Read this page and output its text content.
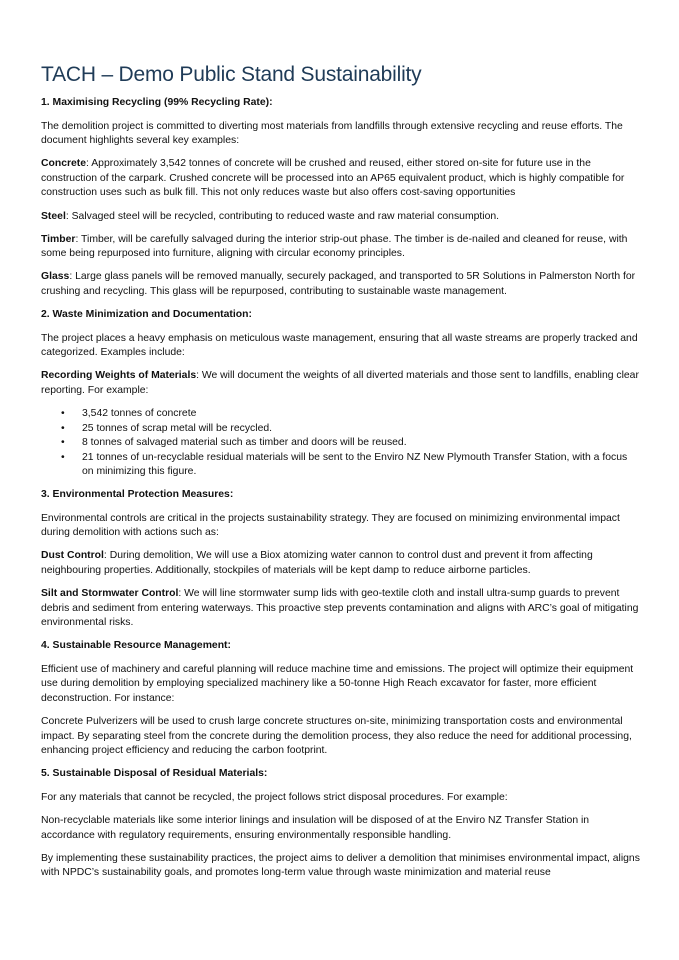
TACH – Demo Public Stand Sustainability
1. Maximising Recycling (99% Recycling Rate):

The demolition project is committed to diverting most materials from landfills through extensive recycling and reuse efforts. The document highlights several key examples:

Concrete: Approximately 3,542 tonnes of concrete will be crushed and reused, either stored on-site for future use in the construction of the carpark. Crushed concrete will be processed into an AP65 equivalent product, which is highly compatible for construction uses such as bulk fill. This not only reduces waste but also offers cost-saving opportunities

Steel: Salvaged steel will be recycled, contributing to reduced waste and raw material consumption.

Timber: Timber, will be carefully salvaged during the interior strip-out phase. The timber is de-nailed and cleaned for reuse, with some being repurposed into furniture, aligning with circular economy principles.

Glass: Large glass panels will be removed manually, securely packaged, and transported to 5R Solutions in Palmerston North for crushing and recycling. This glass will be repurposed, contributing to sustainable waste management.

2. Waste Minimization and Documentation:

The project places a heavy emphasis on meticulous waste management, ensuring that all waste streams are properly tracked and categorized. Examples include:

Recording Weights of Materials: We will document the weights of all diverted materials and those sent to landfills, enabling clear reporting. For example:

• 3,542 tonnes of concrete
• 25 tonnes of scrap metal will be recycled.
• 8 tonnes of salvaged material such as timber and doors will be reused.
• 21 tonnes of un-recyclable residual materials will be sent to the Enviro NZ New Plymouth Transfer Station, with a focus on minimizing this figure.
3. Environmental Protection Measures:

Environmental controls are critical in the projects sustainability strategy. They are focused on minimizing environmental impact during demolition with actions such as:

Dust Control: During demolition, We will use a Biox atomizing water cannon to control dust and prevent it from affecting neighbouring properties. Additionally, stockpiles of materials will be kept damp to reduce airborne particles.

Silt and Stormwater Control: We will line stormwater sump lids with geo-textile cloth and install ultra-sump guards to prevent debris and sediment from entering waterways. This proactive step prevents contamination and aligns with ARC’s goal of mitigating environmental risks.

4. Sustainable Resource Management:

Efficient use of machinery and careful planning will reduce machine time and emissions. The project will optimize their equipment use during demolition by employing specialized machinery like a 50-tonne High Reach excavator for faster, more efficient deconstruction. For instance:

Concrete Pulverizers will be used to crush large concrete structures on-site, minimizing transportation costs and environmental impact. By separating steel from the concrete during the demolition process, they also reduce the need for additional processing, enhancing project efficiency and reducing the carbon footprint.

5. Sustainable Disposal of Residual Materials:

For any materials that cannot be recycled, the project follows strict disposal procedures. For example:

Non-recyclable materials like some interior linings and insulation will be disposed of at the Enviro NZ Transfer Station in accordance with regulatory requirements, ensuring environmentally responsible handling.

By implementing these sustainability practices, the project aims to deliver a demolition that minimises environmental impact, aligns with NPDC’s sustainability goals, and promotes long-term value through waste minimization and material reuse
